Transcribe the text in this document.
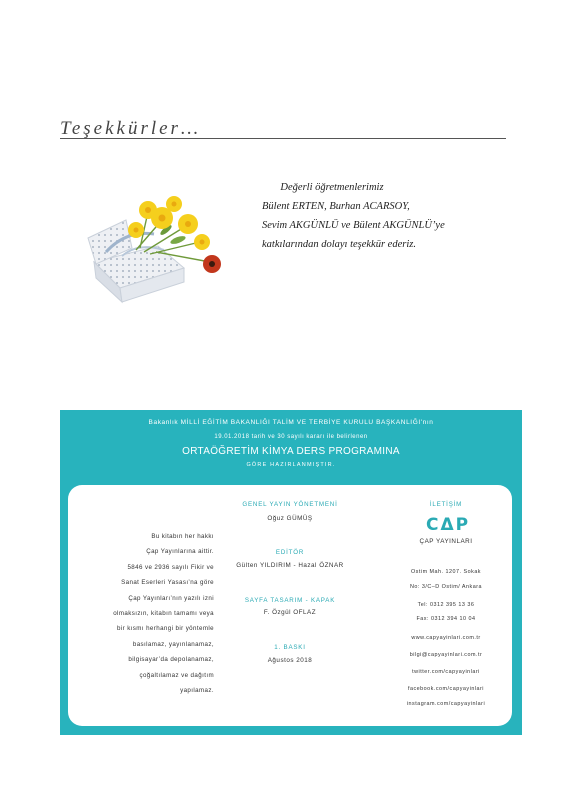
Teşekkürler…
Değerli öğretmenlerimiz
Bülent ERTEN, Burhan ACARSOY,
Sevim AKGÜNLÜ ve Bülent AKGÜNLÜ’ye
katkılarından dolayı teşekkür ederiz.
Bakanlık MİLLİ EĞİTİM BAKANLIĞI TALİM VE TERBİYE KURULU BAŞKANLIĞI'nın
19.01.2018 tarih ve 30 sayılı kararı ile belirlenen
ORTAÖĞRETİM KİMYA DERS PROGRAMINA
GÖRE HAZIRLANMIŞTIR.
Bu kitabın her hakkı
Çap Yayınlarına aittir.
5846 ve 2936 sayılı Fikir ve
Sanat Eserleri Yasası’na göre
Çap Yayınları’nın yazılı izni
olmaksızın, kitabın tamamı veya
bir kısmı herhangi bir yöntemle
basılamaz, yayınlanamaz,
bilgisayar’da depolanamaz,
çoğaltılamaz ve dağıtım
yapılamaz.
GENEL YAYIN YÖNETMENİ
Oğuz GÜMÜŞ
EDİTÖR
Gülten YILDIRIM - Hazal ÖZNAR
SAYFA TASARIM - KAPAK
F. Özgül OFLAZ
1. BASKI
Ağustos 2018
İLETİŞİM
CΔP
ÇAP YAYINLARI
Ostim Mah. 1207. Sokak
No: 3/C–D Ostim/ Ankara
Tel: 0312 395 13 36
Fax: 0312 394 10 04
www.capyayinlari.com.tr
bilgi@capyayinlari.com.tr
twitter.com/capyayinlari
facebook.com/capyayinlari
instagram.com/capyayinlari
